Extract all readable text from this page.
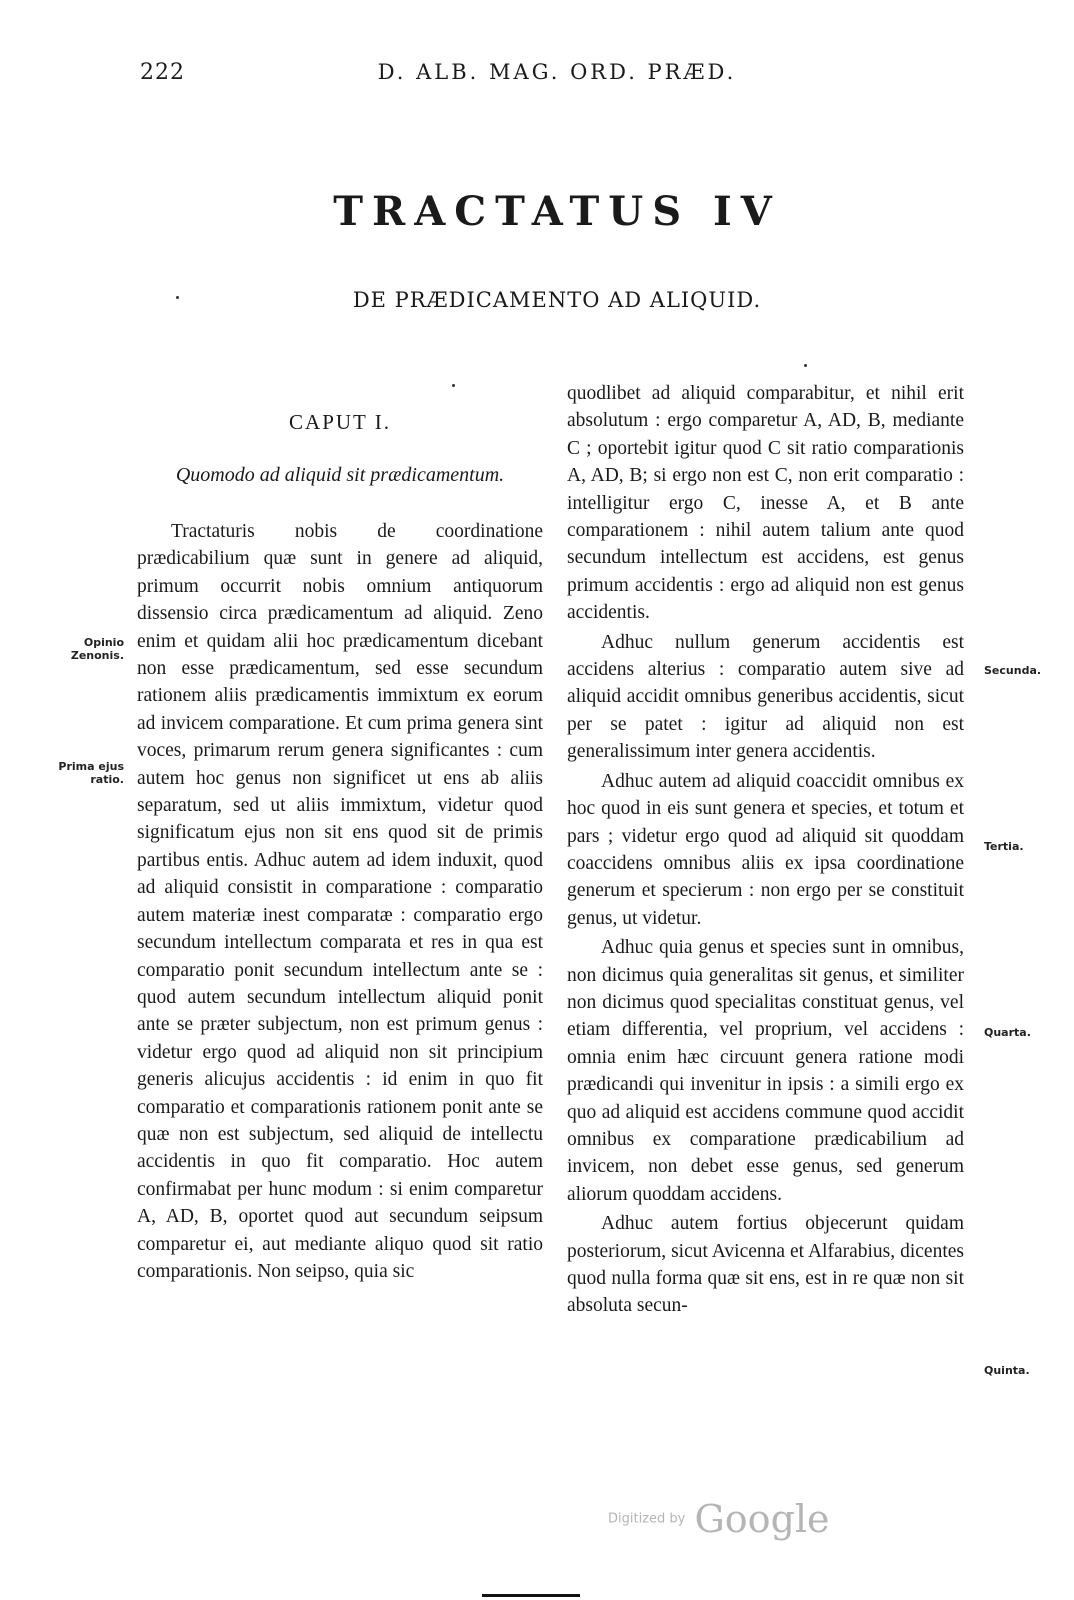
222	D. ALB. MAG. ORD. PRÆD.
TRACTATUS IV
DE PRÆDICAMENTO AD ALIQUID.
CAPUT I.
Quomodo ad aliquid sit prædicamentum.

Tractaturis nobis de coordinatione prædicabilium quæ sunt in genere ad aliquid, primum occurrit nobis omnium antiquorum dissensio circa prædicamentum ad aliquid. Zeno enim et quidam alii hoc prædicamentum dicebant non esse prædicamentum, sed esse secundum rationem aliis prædicamentis immixtum ex eorum ad invicem comparatione. Et cum prima genera sint voces, primarum rerum genera significantes : cum autem hoc genus non significet ut ens ab aliis separatum, sed ut aliis immixtum, videtur quod significatum ejus non sit ens quod sit de primis partibus entis. Adhuc autem ad idem induxit, quod ad aliquid consistit in comparatione : comparatio autem materiæ inest comparatæ : comparatio ergo secundum intellectum comparata et res in qua est comparatio ponit secundum intellectum ante se : quod autem secundum intellectum aliquid ponit ante se præter subjectum, non est primum genus : videtur ergo quod ad aliquid non sit principium generis alicujus accidentis : id enim in quo fit comparatio et comparationis rationem ponit ante se quæ non est subjectum, sed aliquid de intellectu accidentis in quo fit comparatio. Hoc autem confirmabat per hunc modum : si enim comparetur A, AD, B, oportet quod aut secundum seipsum comparetur ei, aut mediante aliquo quod sit ratio comparationis. Non seipso, quia sic

quodlibet ad aliquid comparabitur, et nihil erit absolutum : ergo comparetur A, AD, B, mediante C ; oportebit igitur quod C sit ratio comparationis A, AD, B; si ergo non est C, non erit comparatio : intelligitur ergo C, inesse A, et B ante comparationem : nihil autem talium ante quod secundum intellectum est accidens, est genus primum accidentis : ergo ad aliquid non est genus accidentis.

Adhuc nullum generum accidentis est accidens alterius : comparatio autem sive ad aliquid accidit omnibus generibus accidentis, sicut per se patet : igitur ad aliquid non est generalissimum inter genera accidentis.

Adhuc autem ad aliquid coaccidit omnibus ex hoc quod in eis sunt genera et species, et totum et pars ; videtur ergo quod ad aliquid sit quoddam coaccidens omnibus aliis ex ipsa coordinatione generum et specierum : non ergo per se constituit genus, ut videtur.

Adhuc quia genus et species sunt in omnibus, non dicimus quia generalitas sit genus, et similiter non dicimus quod specialitas constituat genus, vel etiam differentia, vel proprium, vel accidens : omnia enim hæc circuunt genera ratione modi prædicandi qui invenitur in ipsis : a simili ergo ex quo ad aliquid est accidens commune quod accidit omnibus ex comparatione prædicabilium ad invicem, non debet esse genus, sed generum aliorum quoddam accidens.

Adhuc autem fortius objecerunt quidam posteriorum, sicut Avicenna et Alfarabius, dicentes quod nulla forma quæ sit ens, est in re quæ non sit absoluta secun-

Opinio Zenonis.
Prima ejus ratio.
Secunda.
Tertia.
Quarta.
Quinta.
Digitized by Google
